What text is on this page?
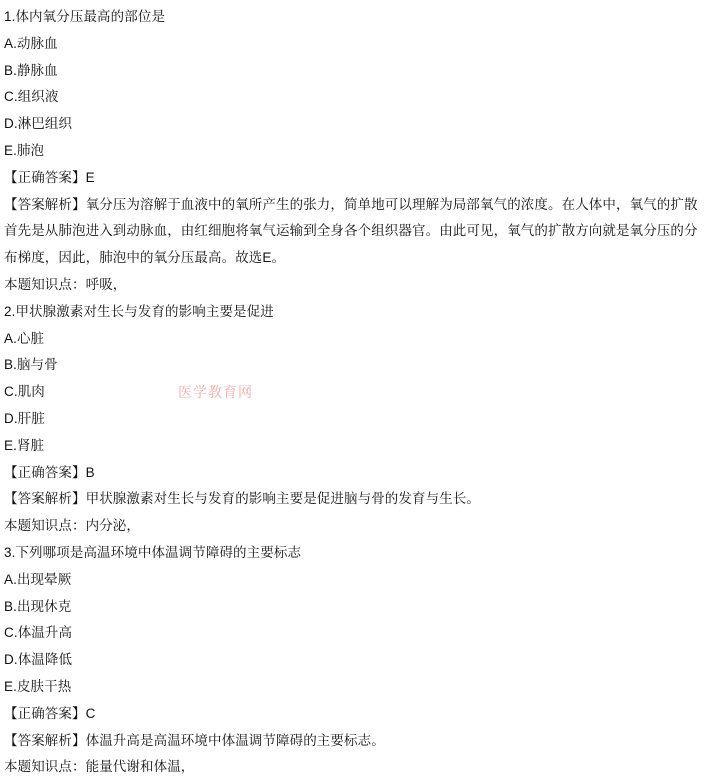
1.体内氧分压最高的部位是
A.动脉血
B.静脉血
C.组织液
D.淋巴组织
E.肺泡
【正确答案】E
【答案解析】氧分压为溶解于血液中的氧所产生的张力，简单地可以理解为局部氧气的浓度。在人体中，氧气的扩散
首先是从肺泡进入到动脉血，由红细胞将氧气运输到全身各个组织器官。由此可见，氧气的扩散方向就是氧分压的分
布梯度，因此，肺泡中的氧分压最高。故选E。
本题知识点：呼吸，
2.甲状腺激素对生长与发育的影响主要是促进
A.心脏
B.脑与骨
C.肌肉
D.肝脏
E.肾脏
【正确答案】B
【答案解析】甲状腺激素对生长与发育的影响主要是促进脑与骨的发育与生长。
本题知识点：内分泌，
3.下列哪项是高温环境中体温调节障碍的主要标志
A.出现晕厥
B.出现休克
C.体温升高
D.体温降低
E.皮肤干热
【正确答案】C
【答案解析】体温升高是高温环境中体温调节障碍的主要标志。
本题知识点：能量代谢和体温，
医学教育网
